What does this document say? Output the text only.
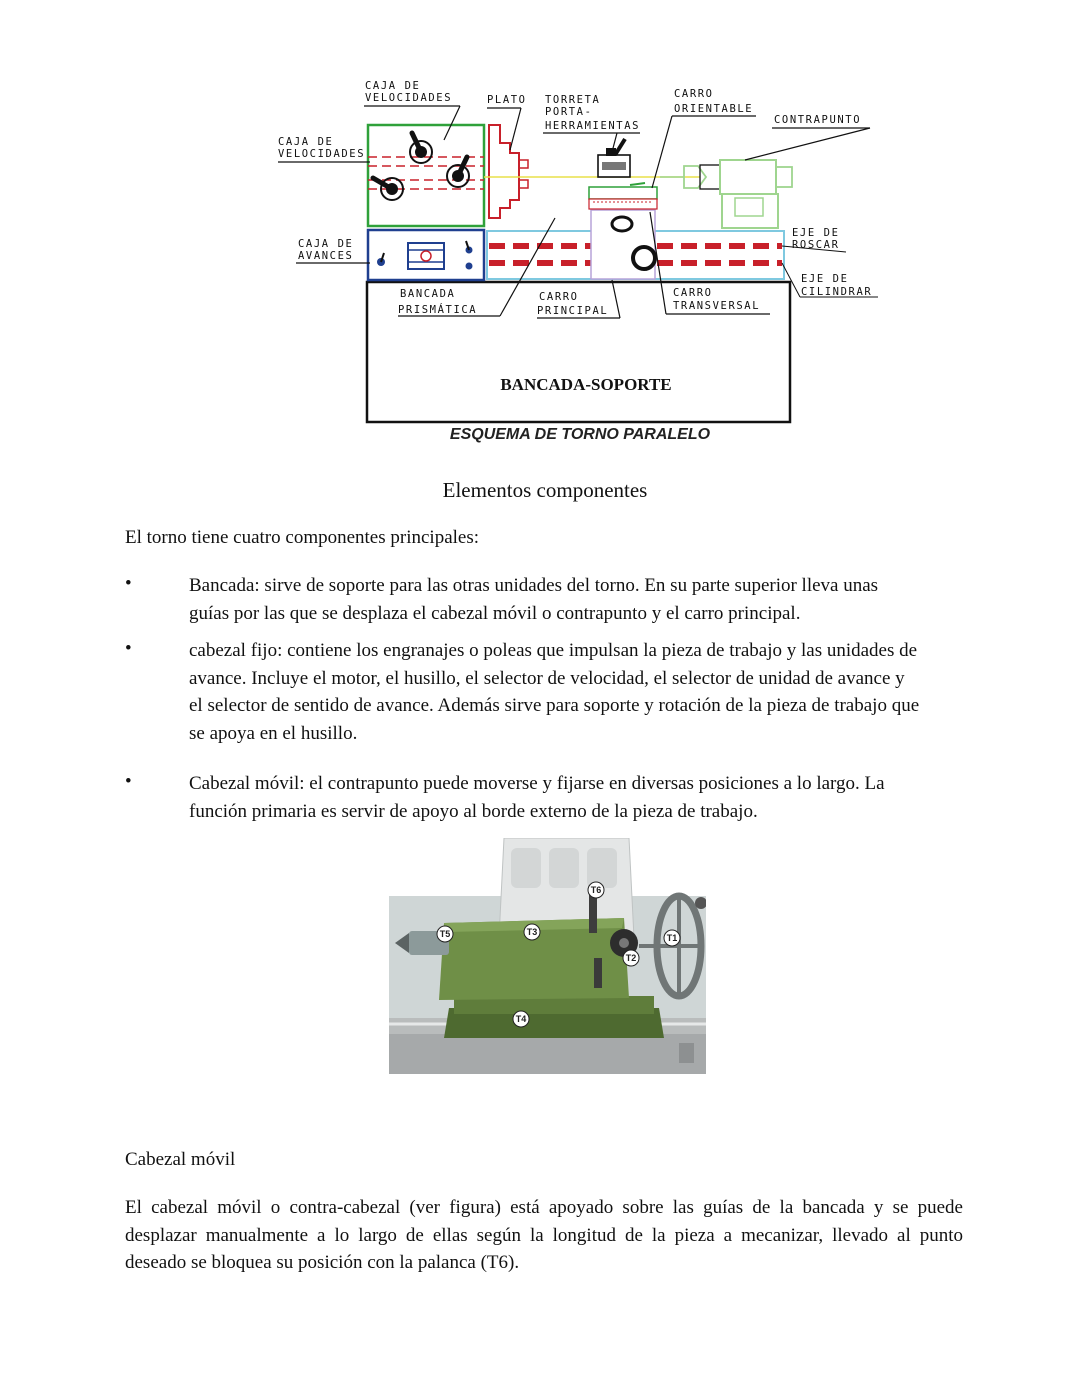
BANCADA-SOPORTE
CAJA DE
VELOCIDADES	PLATO TORRETA
PORTA-
HERRAMIENTAS
CARRO
ORIENTABLE
CONTRAPUNTO
CAJA DE
VELOCIDADES
CAJA DE
AVANCES
EJE DE
ROSCAR
EJE DE
CILINDRAR
BANCADA
PRISMÁTICA
CARRO
PRINCIPAL
CARRO
TRANSVERSAL
ESQUEMA DE TORNO PARALELO
Elementos componentes
El torno tiene cuatro componentes principales:
•	Bancada: sirve de soporte para las otras unidades del torno. En su parte superior lleva unas
guías por las que se desplaza el cabezal móvil o contrapunto y el carro principal.
•	cabezal fijo: contiene los engranajes o poleas que impulsan la pieza de trabajo y las unidades de
avance. Incluye el motor, el husillo, el selector de velocidad, el selector de unidad de avance y
el selector de sentido de avance. Además sirve para soporte y rotación de la pieza de trabajo que
se apoya en el husillo.
•	Cabezal móvil: el contrapunto puede moverse y fijarse en diversas posiciones a lo largo. La
función primaria es servir de apoyo al borde externo de la pieza de trabajo.
T1
T2
T3
T4
T5
T6
Cabezal móvil
El cabezal móvil o contra-cabezal (ver figura) está apoyado sobre las guías de la bancada y se puede
desplazar manualmente a lo largo de ellas según la longitud de la pieza a mecanizar, llevado al punto
deseado se bloquea su posición con la palanca (T6).
